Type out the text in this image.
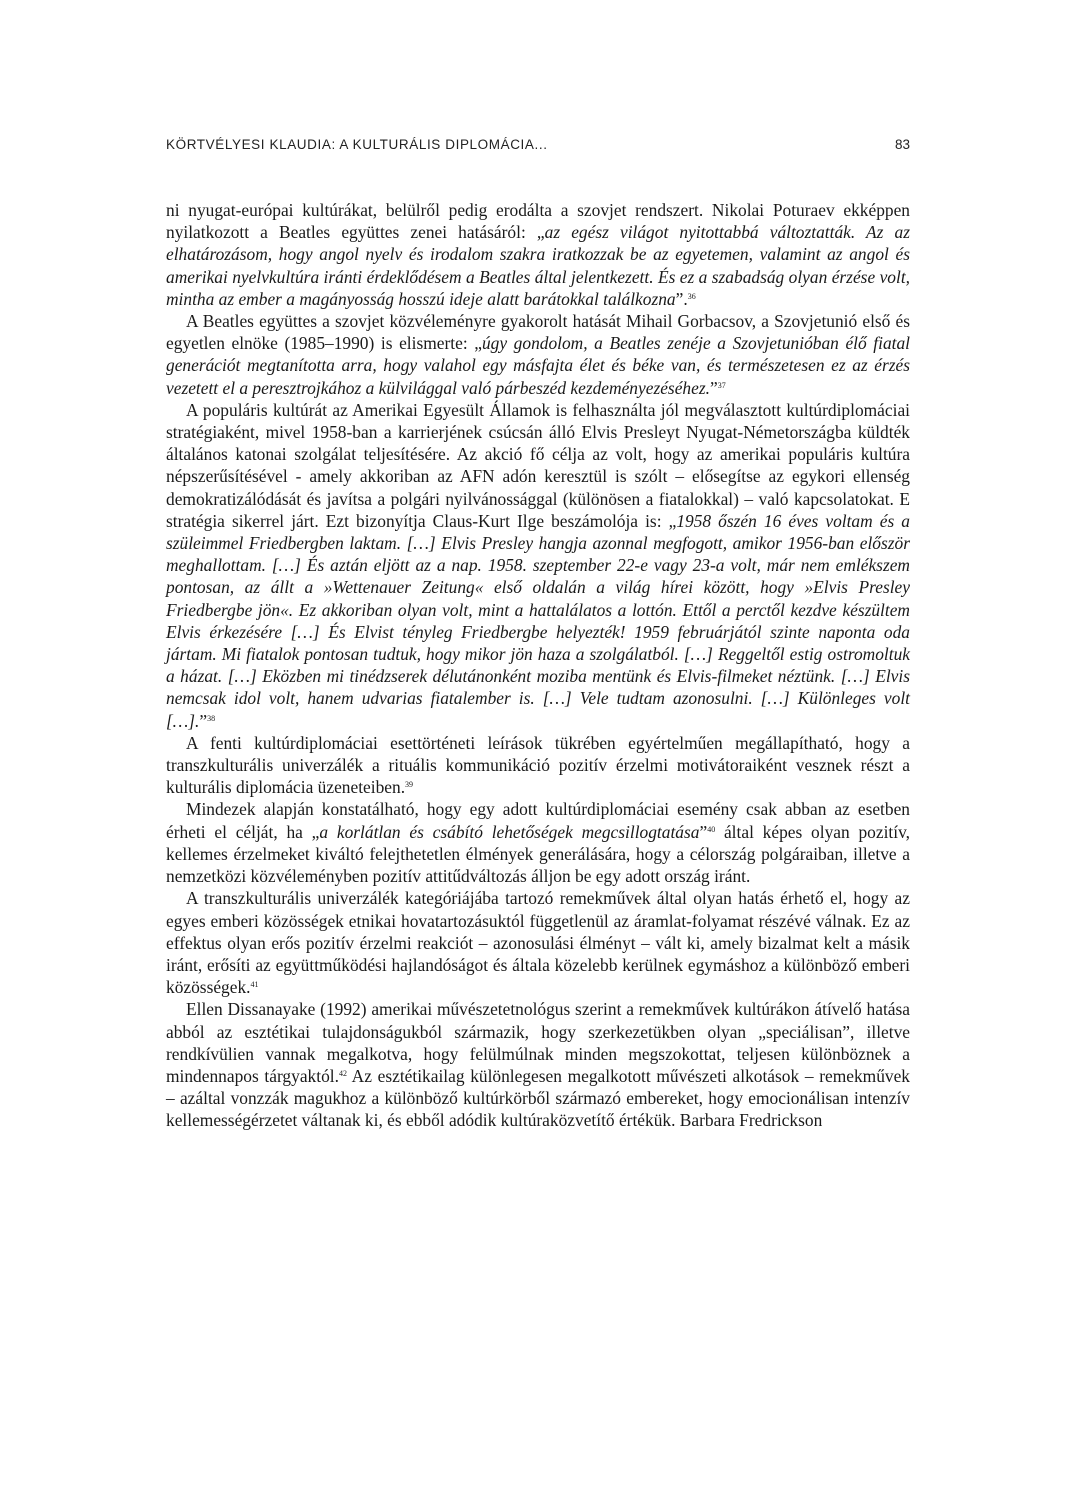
KÖRTVÉLYESI KLAUDIA: A KULTURÁLIS DIPLOMÁCIA...	83

ni nyugat-európai kultúrákat, belülről pedig erodálta a szovjet rendszert. Nikolai Poturaev ekképpen nyilatkozott a Beatles együttes zenei hatásáról: „az egész világot nyitottabbá változtatták. Az az elhatározásom, hogy angol nyelv és irodalom szakra iratkozzak be az egyetemen, valamint az angol és amerikai nyelvkultúra iránti érdeklődésem a Beatles által jelentkezett. És ez a szabadság olyan érzése volt, mintha az ember a magányosság hosszú ideje alatt barátokkal találkozna”.$^{36}$

A Beatles együttes a szovjet közvéleményre gyakorolt hatását Mihail Gorbacsov, a Szovjetunió első és egyetlen elnöke (1985–1990) is elismerte: „úgy gondolom, a Beatles zenéje a Szovjetunióban élő fiatal generációt megtanította arra, hogy valahol egy másfajta élet és béke van, és természetesen ez az érzés vezetett el a peresztrojkához a külvilággal való párbeszéd kezdeményezéséhez.”$^{37}$

A populáris kultúrát az Amerikai Egyesült Államok is felhasználta jól megválasztott kultúrdiplomáciai stratégiaként, mivel 1958-ban a karrierjének csúcsán álló Elvis Presleyt Nyugat-Németországba küldték általános katonai szolgálat teljesítésére. Az akció fő célja az volt, hogy az amerikai populáris kultúra népszerűsítésével - amely akkoriban az AFN adón keresztül is szólt – elősegítse az egykori ellenség demokratizálódását és javítsa a polgári nyilvánossággal (különösen a fiatalokkal) – való kapcsolatokat. E stratégia sikerrel járt. Ezt bizonyítja Claus-Kurt Ilge beszámolója is: „1958 őszén 16 éves voltam és a szüleimmel Friedbergben laktam. […] Elvis Presley hangja azonnal megfogott, amikor 1956-ban először meghallottam. […] És aztán eljött az a nap. 1958. szeptember 22-e vagy 23-a volt, már nem emlékszem pontosan, az állt a »Wettenauer Zeitung« első oldalán a világ hírei között, hogy »Elvis Presley Friedbergbe jön«. Ez akkoriban olyan volt, mint a hattalálatos a lottón. Ettől a perctől kezdve készültem Elvis érkezésére […] És Elvist tényleg Friedbergbe helyezték! 1959 februárjától szinte naponta oda jártam. Mi fiatalok pontosan tudtuk, hogy mikor jön haza a szolgálatból. […] Reggeltől estig ostromoltuk a házat. […] Eközben mi tinédzserek délutánonként moziba mentünk és Elvis-filmeket néztünk. […] Elvis nemcsak idol volt, hanem udvarias fiatalember is. […] Vele tudtam azonosulni. […] Különleges volt […].”$^{38}$

A fenti kultúrdiplomáciai esettörténeti leírások tükrében egyértelműen megállapítható, hogy a transzkulturális univerzálék a rituális kommunikáció pozitív érzelmi motivátoraiként vesznek részt a kulturális diplomácia üzeneteiben.$^{39}$

Mindezek alapján konstatálható, hogy egy adott kultúrdiplomáciai esemény csak abban az esetben érheti el célját, ha „a korlátlan és csábító lehetőségek megcsillogtatása”$^{40}$ által képes olyan pozitív, kellemes érzelmeket kiváltó felejthetetlen élmények generálására, hogy a célország polgáraiban, illetve a nemzetközi közvéleményben pozitív attitűdváltozás álljon be egy adott ország iránt.

A transzkulturális univerzálék kategóriájába tartozó remekművek által olyan hatás érhető el, hogy az egyes emberi közösségek etnikai hovatartozásuktól függetlenül az áramlat-folyamat részévé válnak. Ez az effektus olyan erős pozitív érzelmi reakciót – azonosulási élményt – vált ki, amely bizalmat kelt a másik iránt, erősíti az együttműködési hajlandóságot és általa közelebb kerülnek egymáshoz a különböző emberi közösségek.$^{41}$

Ellen Dissanayake (1992) amerikai művészetetnológus szerint a remekművek kultúrákon átívelő hatása abból az esztétikai tulajdonságukból származik, hogy szerkezetükben olyan „speciálisan”, illetve rendkívülien vannak megalkotva, hogy felülmúlnak minden megszokottat, teljesen különböznek a mindennapos tárgyaktól.$^{42}$ Az esztétikailag különlegesen megalkotott művészeti alkotások – remekművek – azáltal vonzzák magukhoz a különböző kultúrkörből származó embereket, hogy emocionálisan intenzív kellemességérzetet váltanak ki, és ebből adódik kultúraközvetítő értékük. Barbara Fredrickson
